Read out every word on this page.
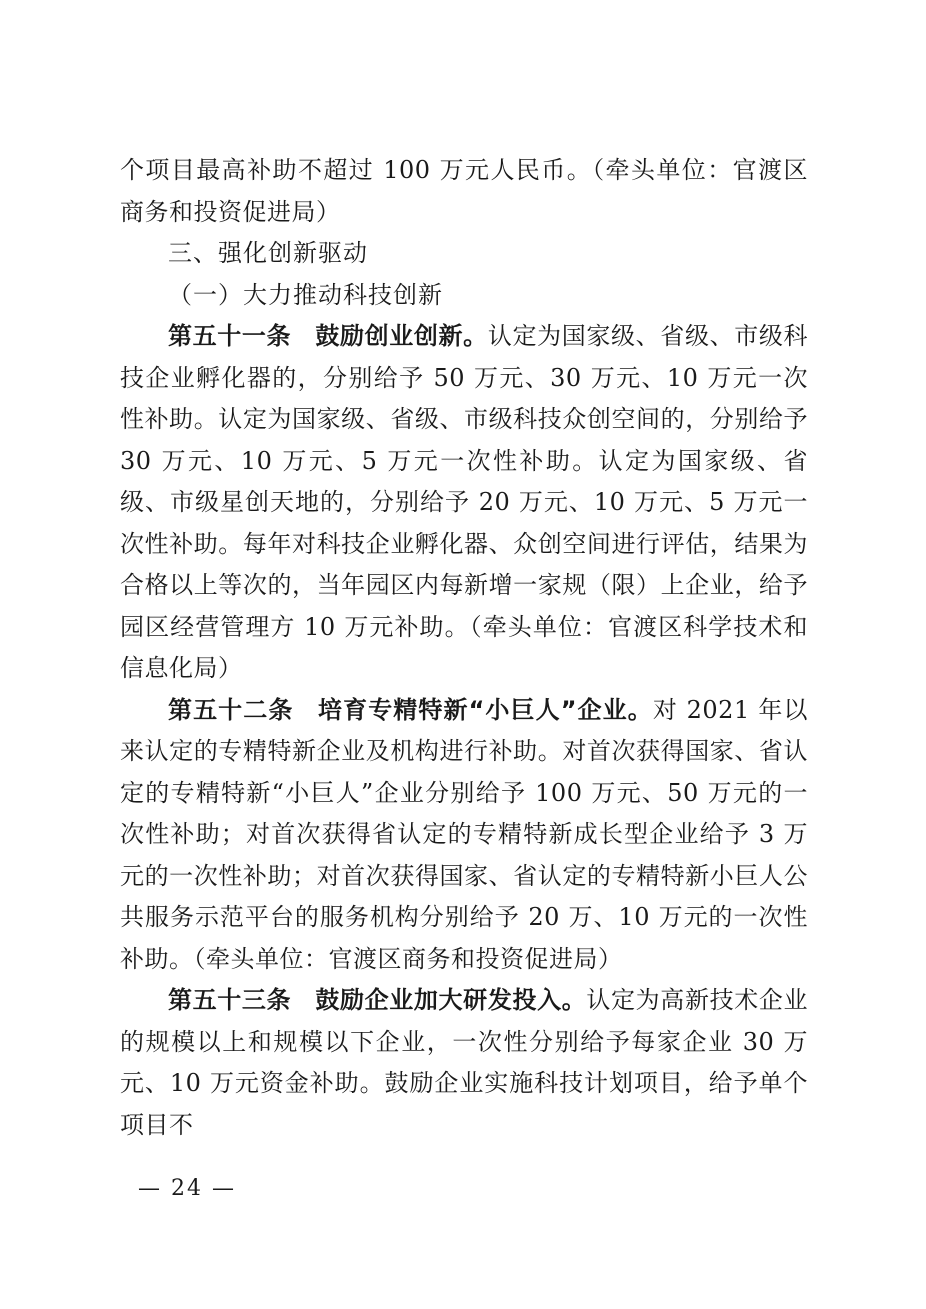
个项目最高补助不超过 100 万元人民币。（牵头单位：官渡区商务和投资促进局）

三、强化创新驱动

（一）大力推动科技创新

第五十一条 鼓励创业创新。认定为国家级、省级、市级科技企业孵化器的，分别给予 50 万元、30 万元、10 万元一次性补助。认定为国家级、省级、市级科技众创空间的，分别给予 30 万元、10 万元、5 万元一次性补助。认定为国家级、省级、市级星创天地的，分别给予 20 万元、10 万元、5 万元一次性补助。每年对科技企业孵化器、众创空间进行评估，结果为合格以上等次的，当年园区内每新增一家规（限）上企业，给予园区经营管理方 10 万元补助。（牵头单位：官渡区科学技术和信息化局）

第五十二条 培育专精特新“小巨人”企业。对 2021 年以来认定的专精特新企业及机构进行补助。对首次获得国家、省认定的专精特新“小巨人”企业分别给予 100 万元、50 万元的一次性补助；对首次获得省认定的专精特新成长型企业给予 3 万元的一次性补助；对首次获得国家、省认定的专精特新小巨人公共服务示范平台的服务机构分别给予 20 万、10 万元的一次性补助。（牵头单位：官渡区商务和投资促进局）

第五十三条 鼓励企业加大研发投入。认定为高新技术企业的规模以上和规模以下企业，一次性分别给予每家企业 30 万元、10 万元资金补助。鼓励企业实施科技计划项目，给予单个项目不

— 24 —
